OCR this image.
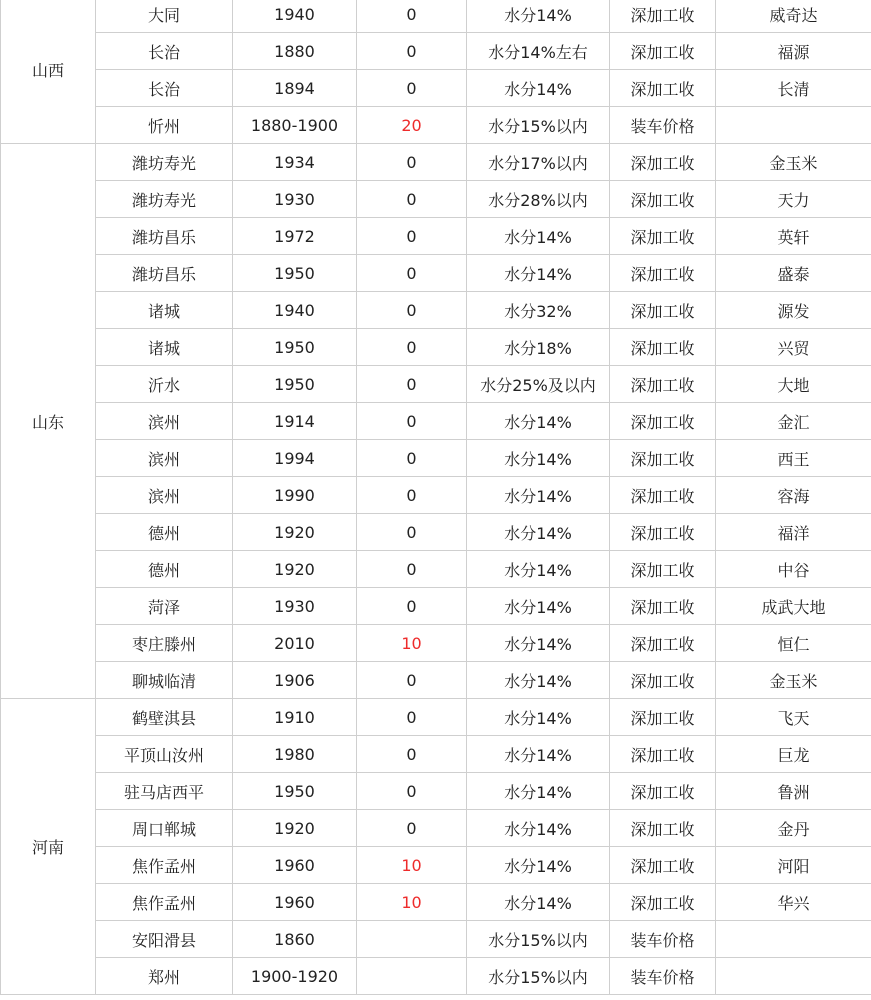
山西	大同	1940	0	水分14%	深加工收	威奇达
	长治	1880	0	水分14%左右	深加工收	福源
	长治	1894	0	水分14%	深加工收	长清
	忻州	1880-1900	20	水分15%以内	装车价格	
山东	潍坊寿光	1934	0	水分17%以内	深加工收	金玉米
	潍坊寿光	1930	0	水分28%以内	深加工收	天力
	潍坊昌乐	1972	0	水分14%	深加工收	英轩
	潍坊昌乐	1950	0	水分14%	深加工收	盛泰
	诸城	1940	0	水分32%	深加工收	源发
	诸城	1950	0	水分18%	深加工收	兴贸
	沂水	1950	0	水分25%及以内	深加工收	大地
	滨州	1914	0	水分14%	深加工收	金汇
	滨州	1994	0	水分14%	深加工收	西王
	滨州	1990	0	水分14%	深加工收	容海
	德州	1920	0	水分14%	深加工收	福洋
	德州	1920	0	水分14%	深加工收	中谷
	菏泽	1930	0	水分14%	深加工收	成武大地
	枣庄滕州	2010	10	水分14%	深加工收	恒仁
	聊城临清	1906	0	水分14%	深加工收	金玉米
河南	鹤壁淇县	1910	0	水分14%	深加工收	飞天
	平顶山汝州	1980	0	水分14%	深加工收	巨龙
	驻马店西平	1950	0	水分14%	深加工收	鲁洲
	周口郸城	1920	0	水分14%	深加工收	金丹
	焦作孟州	1960	10	水分14%	深加工收	河阳
	焦作孟州	1960	10	水分14%	深加工收	华兴
	安阳滑县	1860		水分15%以内	装车价格	
	郑州	1900-1920		水分15%以内	装车价格	
